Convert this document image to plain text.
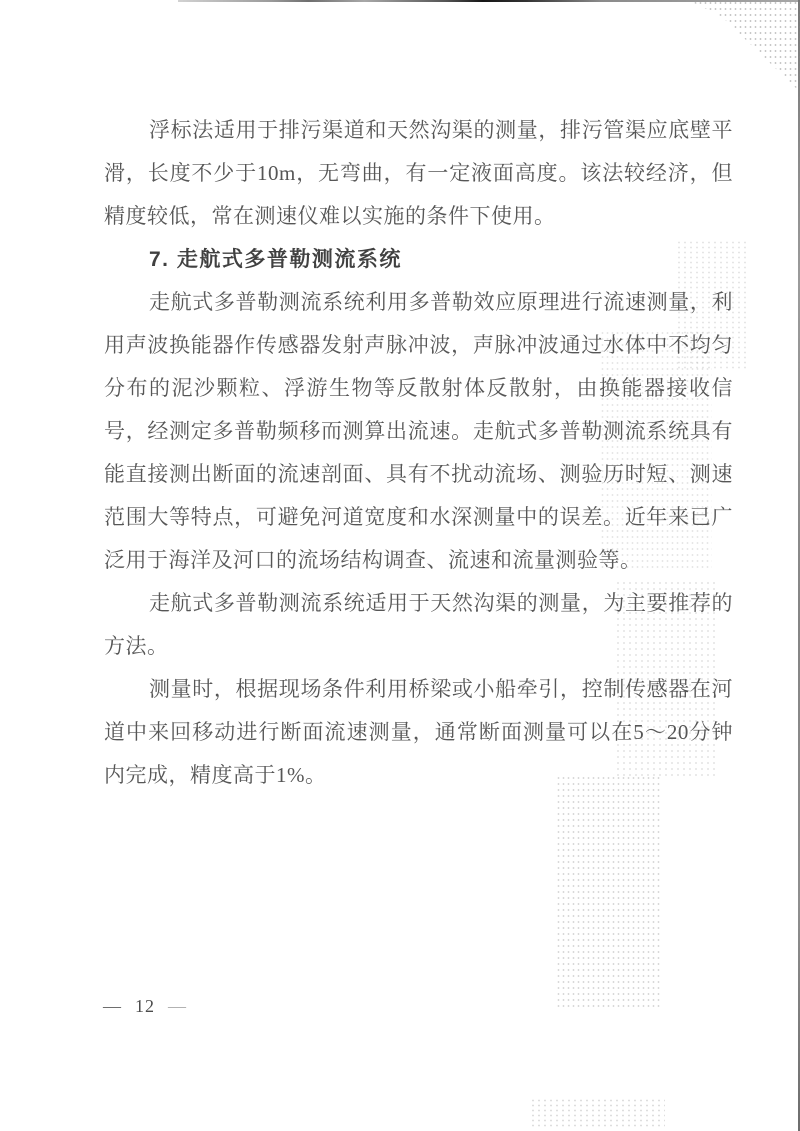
浮标法适用于排污渠道和天然沟渠的测量，排污管渠应底壁平滑，长度不少于10m，无弯曲，有一定液面高度。该法较经济，但精度较低，常在测速仪难以实施的条件下使用。

7. 走航式多普勒测流系统

走航式多普勒测流系统利用多普勒效应原理进行流速测量，利用声波换能器作传感器发射声脉冲波，声脉冲波通过水体中不均匀分布的泥沙颗粒、浮游生物等反散射体反散射，由换能器接收信号，经测定多普勒频移而测算出流速。走航式多普勒测流系统具有能直接测出断面的流速剖面、具有不扰动流场、测验历时短、测速范围大等特点，可避免河道宽度和水深测量中的误差。近年来已广泛用于海洋及河口的流场结构调查、流速和流量测验等。

走航式多普勒测流系统适用于天然沟渠的测量，为主要推荐的方法。

测量时，根据现场条件利用桥梁或小船牵引，控制传感器在河道中来回移动进行断面流速测量，通常断面测量可以在5～20分钟内完成，精度高于1%。

— 12 —
